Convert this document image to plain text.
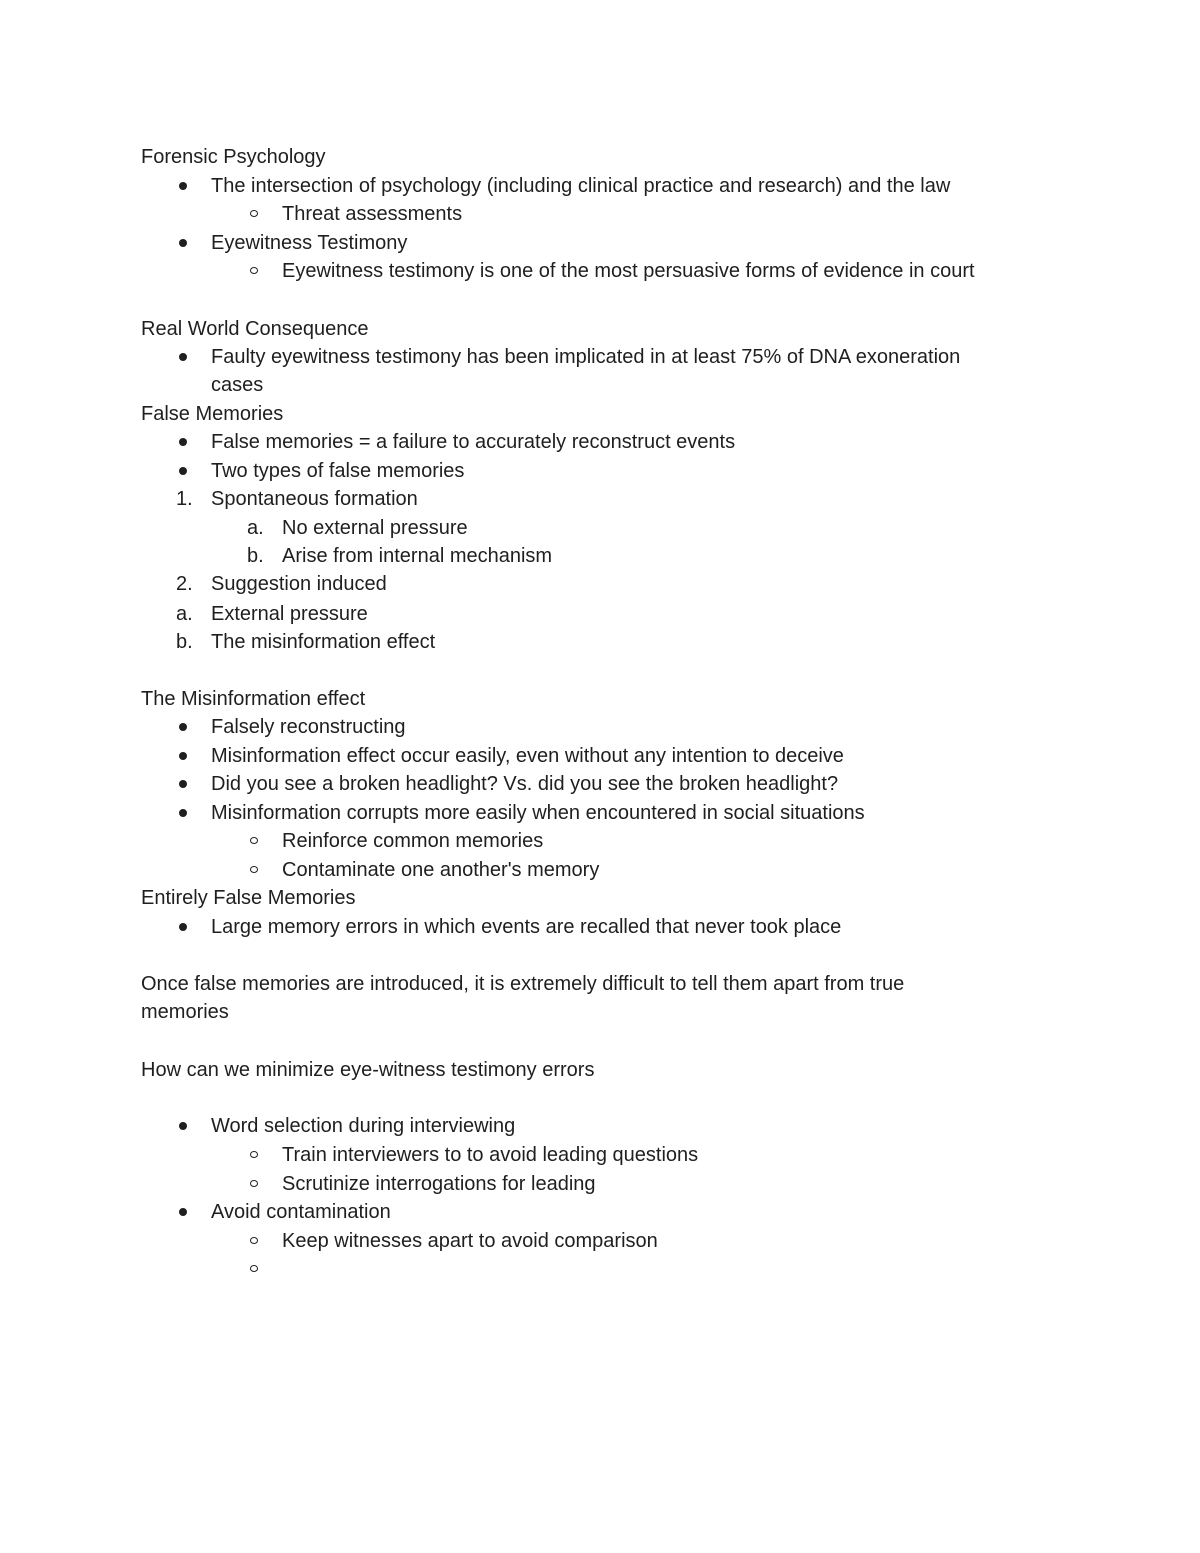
Forensic Psychology
The intersection of psychology (including clinical practice and research) and the law
Threat assessments
Eyewitness Testimony
Eyewitness testimony is one of the most persuasive forms of evidence in court
Real World Consequence
Faulty eyewitness testimony has been implicated in at least 75% of DNA exoneration
cases
False Memories
False memories = a failure to accurately reconstruct events
Two types of false memories
1. Spontaneous formation
a. No external pressure
b. Arise from internal mechanism
2. Suggestion induced
a. External pressure
b. The misinformation effect
The Misinformation effect
Falsely reconstructing
Misinformation effect occur easily, even without any intention to deceive
Did you see a broken headlight? Vs. did you see the broken headlight?
Misinformation corrupts more easily when encountered in social situations
Reinforce common memories
Contaminate one another's memory
Entirely False Memories
Large memory errors in which events are recalled that never took place
Once false memories are introduced, it is extremely difficult to tell them apart from true
memories
How can we minimize eye-witness testimony errors
Word selection during interviewing
Train interviewers to to avoid leading questions
Scrutinize interrogations for leading
Avoid contamination
Keep witnesses apart to avoid comparison
